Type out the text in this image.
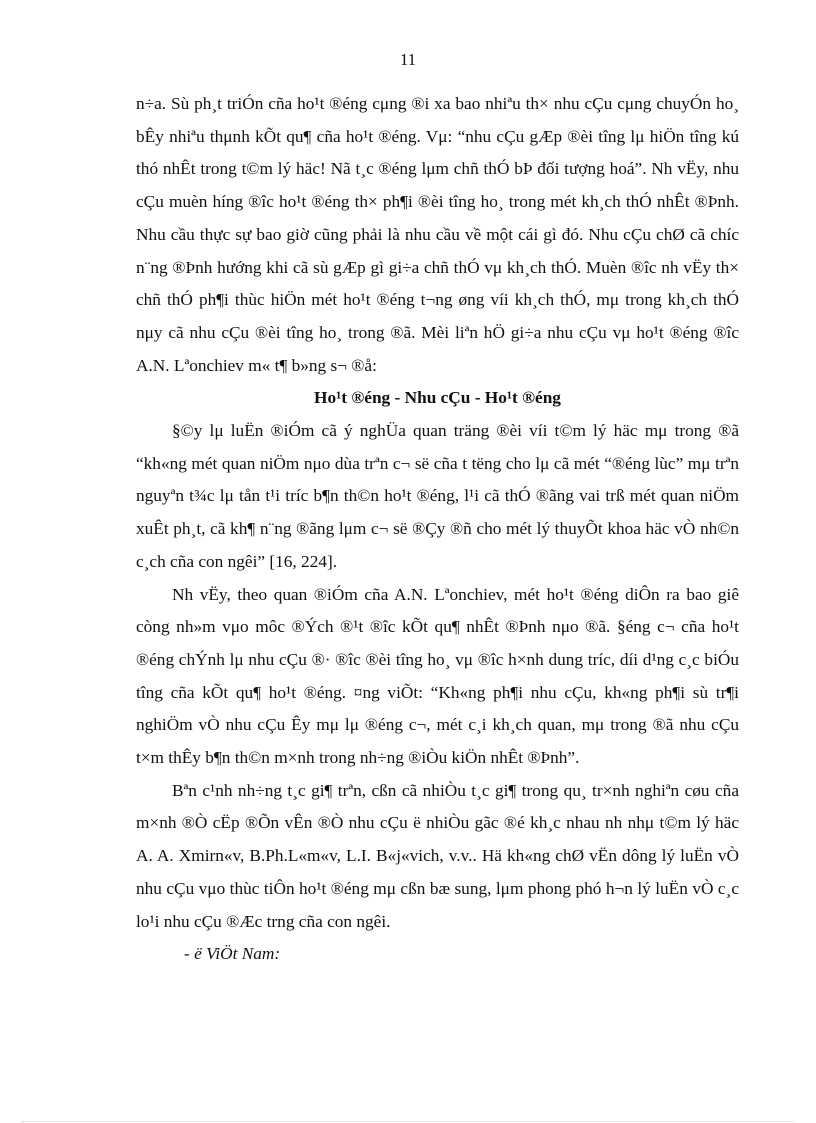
11

n÷a. Sù ph¸t triÓn cña ho¹t ®éng cμng ®i xa bao nhiªu th× nhu cÇu cμng chuyÓn ho¸ bÊy nhiªu thμnh kÕt qu¶ cña ho¹t ®éng. Vμ: “nhu cÇu gÆp ®èi tîng lμ hiÖn tîng kú thó nhÊt trong t©m lý häc! Nã t¸c ®éng lμm chñ thÓ bÞ đối tượng hoá”. Nh vËy, nhu cÇu muèn híng ®îc ho¹t ®éng th× ph¶i ®èi tîng ho¸ trong mét kh¸ch thÓ nhÊt ®Þnh. Nhu cầu thực sự bao giờ cũng phải là nhu cầu về một cái gì đó. Nhu cÇu chØ cã chíc n¨ng ®Þnh hướng khi cã sù gÆp gì gi÷a chñ thÓ vμ kh¸ch thÓ. Muèn ®îc nh vËy th× chñ thÓ ph¶i thùc hiÖn mét ho¹t ®éng t¬ng øng víi kh¸ch thÓ, mμ trong kh¸ch thÓ nμy cã nhu cÇu ®èi tîng ho¸ trong ®ã. Mèi liªn hÖ gi÷a nhu cÇu vμ ho¹t ®éng ®îc A.N. Lªonchiev m« t¶ b»ng s¬ ®å:

Ho¹t ®éng - Nhu cÇu - Ho¹t ®éng

§©y lμ luËn ®iÓm cã ý nghÜa quan träng ®èi víi t©m lý häc mμ trong ®ã “kh«ng mét quan niÖm nμo dùa trªn c¬ së cña t tëng cho lμ cã mét “®éng lùc” mμ trªn nguyªn t¾c lμ tån t¹i tríc b¶n th©n ho¹t ®éng, l¹i cã thÓ ®ãng vai trß mét quan niÖm xuÊt ph¸t, cã kh¶ n¨ng ®ãng lμm c¬ së ®Çy ®ñ cho mét lý thuyÕt khoa häc vÒ nh©n c¸ch cña con ngêi” [16, 224].

Nh vËy, theo quan ®iÓm cña A.N. Lªonchiev, mét ho¹t ®éng diÔn ra bao giê còng nh»m vμo môc ®Ých ®¹t ®îc kÕt qu¶ nhÊt ®Þnh nμo ®ã. §éng c¬ cña ho¹t ®éng chÝnh lμ nhu cÇu ®· ®îc ®èi tîng ho¸ vμ ®îc h×nh dung tríc, díi d¹ng c¸c biÓu tîng cña kÕt qu¶ ho¹t ®éng. ¤ng viÕt: “Kh«ng ph¶i nhu cÇu, kh«ng ph¶i sù tr¶i nghiÖm vÒ nhu cÇu Êy mμ lμ ®éng c¬, mét c¸i kh¸ch quan, mμ trong ®ã nhu cÇu t×m thÊy b¶n th©n m×nh trong nh÷ng ®iÒu kiÖn nhÊt ®Þnh”.

Bªn c¹nh nh÷ng t¸c gi¶ trªn, cßn cã nhiÒu t¸c gi¶ trong qu¸ tr×nh nghiªn cøu cña m×nh ®Ò cËp ®Õn vÊn ®Ò nhu cÇu ë nhiÒu gãc ®é kh¸c nhau nh nhμ t©m lý häc A. A. Xmirn«v, B.Ph.L«m«v, L.I. B«j«vich, v.v.. Hä kh«ng chØ vËn dông lý luËn vÒ nhu cÇu vμo thùc tiÔn ho¹t ®éng mμ cßn bæ sung, lμm phong phó h¬n lý luËn vÒ c¸c lo¹i nhu cÇu ®Æc trng cña con ngêi.

- ë ViÖt Nam:
